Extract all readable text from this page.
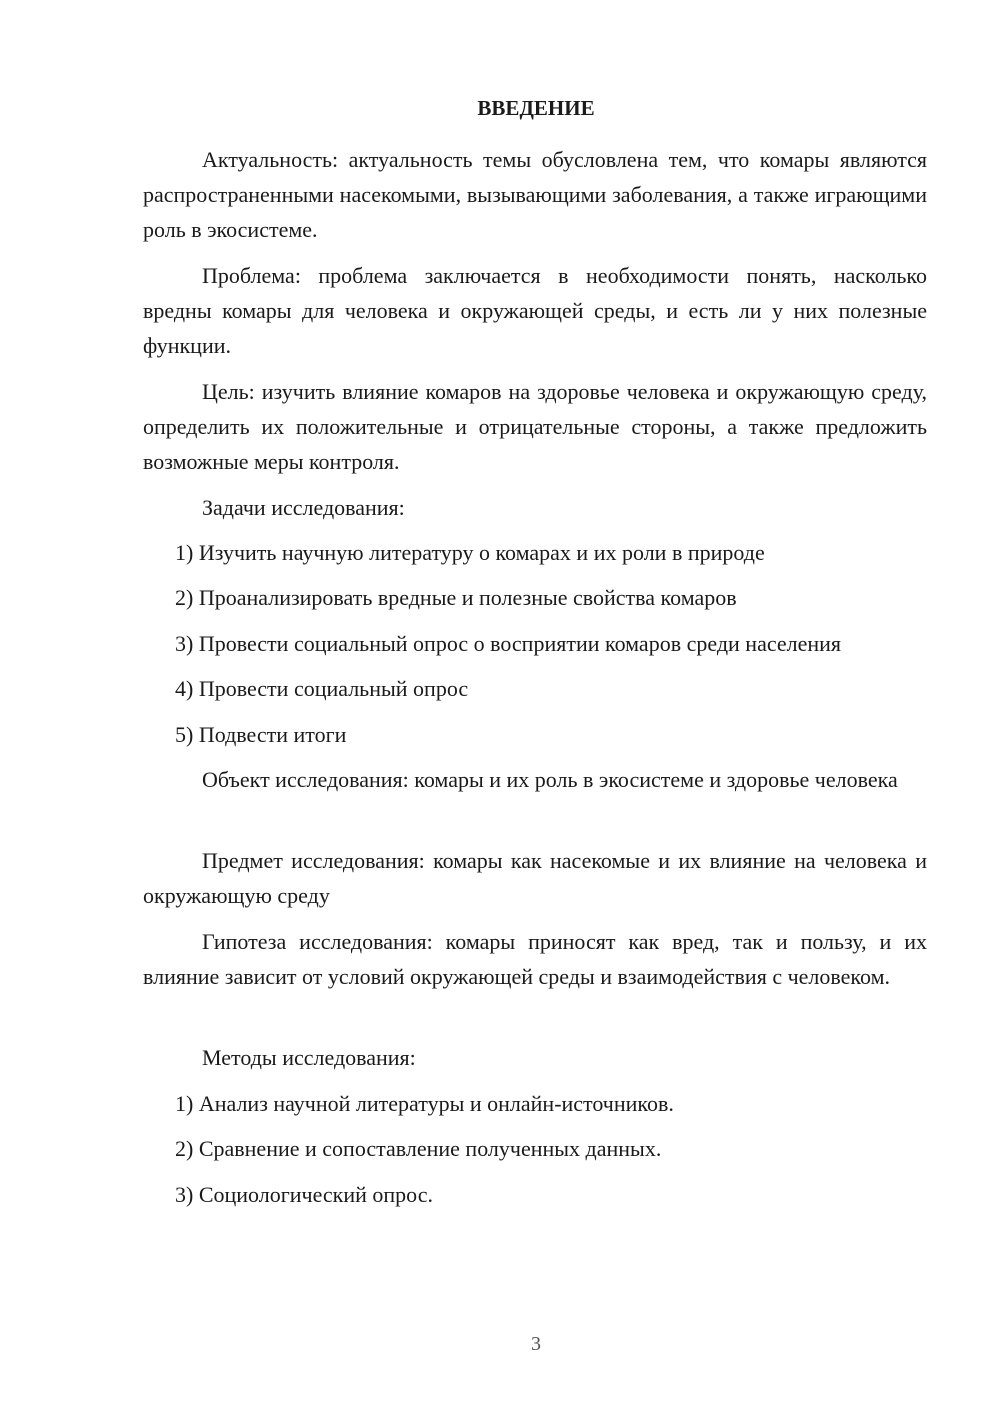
ВВЕДЕНИЕ

Актуальность: актуальность темы обусловлена тем, что комары являются распространенными насекомыми, вызывающими заболевания, а также играющими роль в экосистеме.

Проблема: проблема заключается в необходимости понять, насколько вредны комары для человека и окружающей среды, и есть ли у них полезные функции.

Цель: изучить влияние комаров на здоровье человека и окружающую среду, определить их положительные и отрицательные стороны, а также предложить возможные меры контроля.

Задачи исследования:

1) Изучить научную литературу о комарах и их роли в природе

2) Проанализировать вредные и полезные свойства комаров

3) Провести социальный опрос о восприятии комаров среди населения

4) Провести социальный опрос

5) Подвести итоги

Объект исследования: комары и их роль в экосистеме и здоровье человека

Предмет исследования: комары как насекомые и их влияние на человека и окружающую среду

Гипотеза исследования: комары приносят как вред, так и пользу, и их влияние зависит от условий окружающей среды и взаимодействия с человеком.

Методы исследования:

1) Анализ научной литературы и онлайн-источников.

2) Сравнение и сопоставление полученных данных.

3) Социологический опрос.

3
